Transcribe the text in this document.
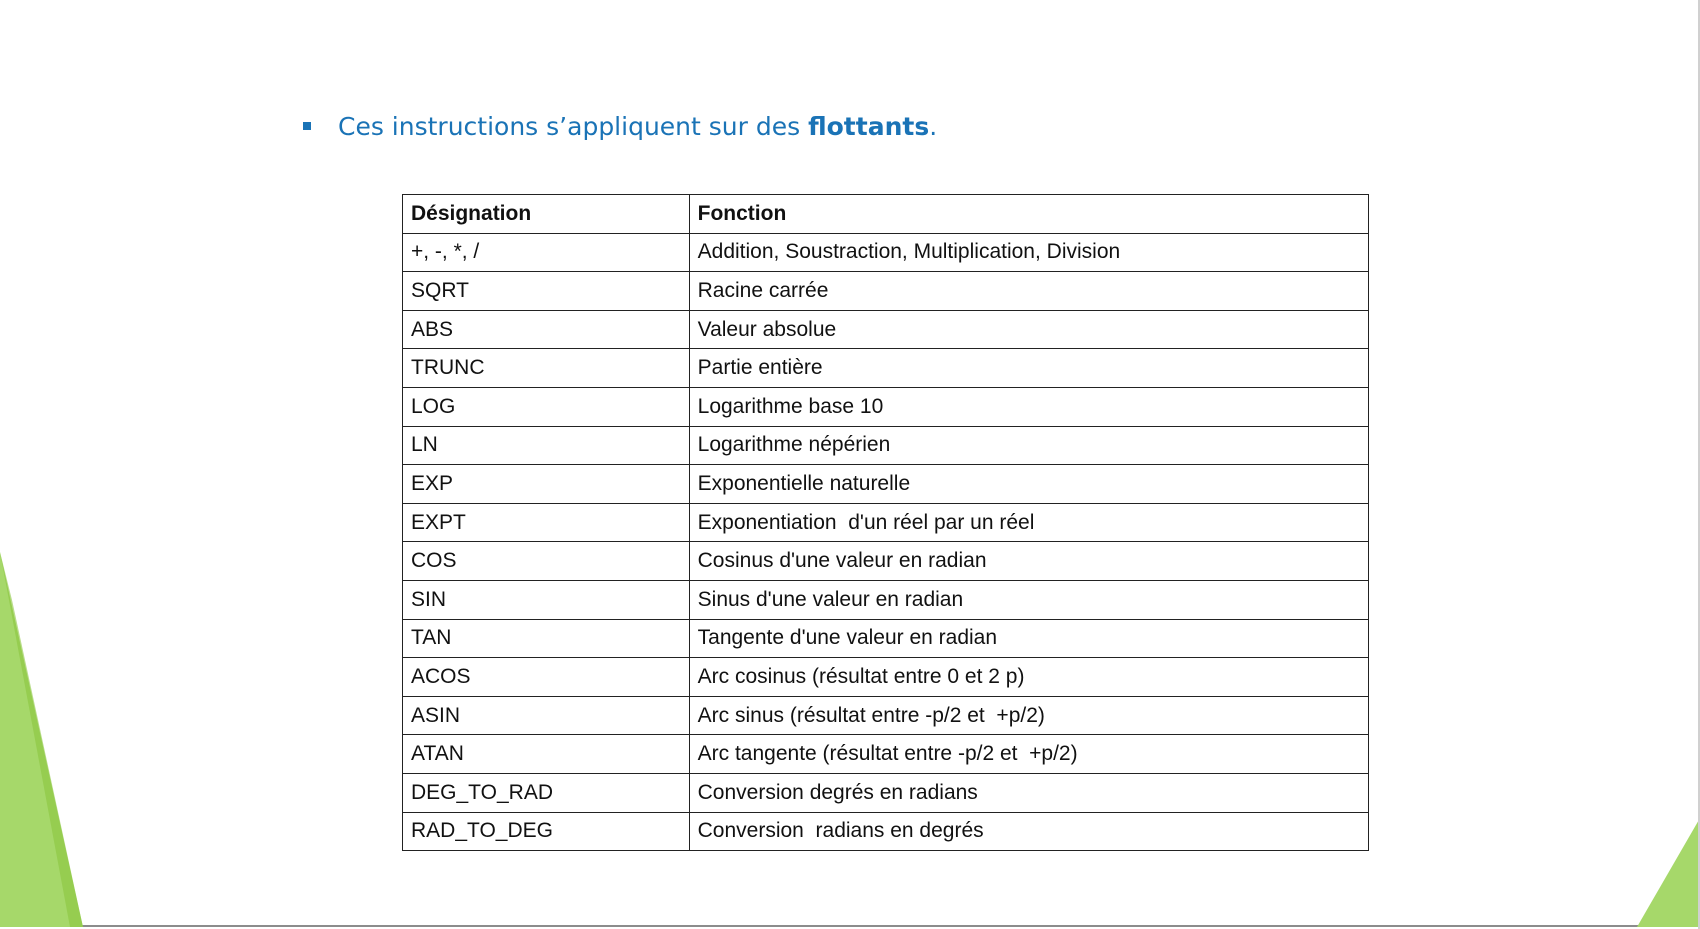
Ces instructions s’appliquent sur des flottants.
Désignation	Fonction
+, -, *, /	Addition, Soustraction, Multiplication, Division
SQRT	Racine carrée
ABS	Valeur absolue
TRUNC	Partie entière
LOG	Logarithme base 10
LN	Logarithme népérien
EXP	Exponentielle naturelle
EXPT	Exponentiation  d'un réel par un réel
COS	Cosinus d'une valeur en radian
SIN	Sinus d'une valeur en radian
TAN	Tangente d'une valeur en radian
ACOS	Arc cosinus (résultat entre 0 et 2 p)
ASIN	Arc sinus (résultat entre -p/2 et  +p/2)
ATAN	Arc tangente (résultat entre -p/2 et  +p/2)
DEG_TO_RAD	Conversion degrés en radians
RAD_TO_DEG	Conversion  radians en degrés
